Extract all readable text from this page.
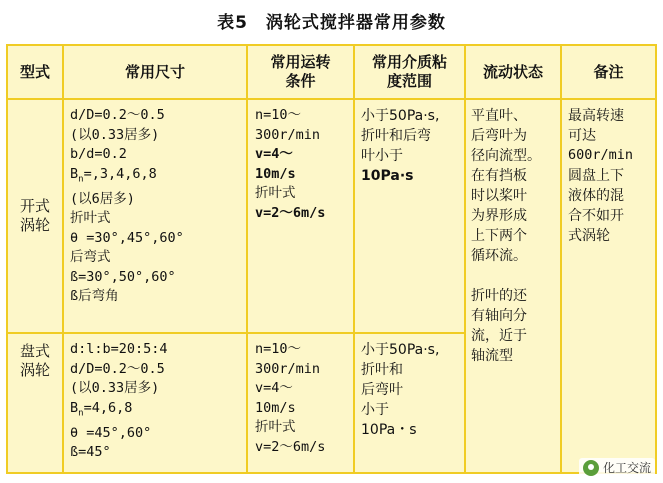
表5　涡轮式搅拌器常用参数
型式	常用尺寸
常用运转
条件
常用介质粘
度范围
流动状态	备注
开式
涡轮
d/D=0.2～0.5
(以0.33居多)
b/d=0.2
$B_n=,3,4,6,8$
(以6居多)
折叶式
θ =30°,45°,60°
后弯式
ß=30°,50°,60°
ß后弯角
n=10～
300r/min
v=4～
10m/s
折叶式
v=2～6m/s
小于50Pa·s,
折叶和后弯
叶小于
10Pa·s
盘式
涡轮
d:l:b=20:5:4
d/D=0.2～0.5
(以0.33居多)
$B_n=4,6,8$
θ =45°,60°
ß=45°
n=10～
300r/min
v=4～
10m/s
折叶式
v=2～6m/s
小于50Pa·s,
折叶和
后弯叶
小于
10Pa・s
平直叶、
后弯叶为
径向流型。
在有挡板
时以桨叶
为界形成
上下两个
循环流。
折叶的还
有轴向分
流，近于
轴流型
最高转速
可达
600r/min
圆盘上下
液体的混
合不如开
式涡轮
化工交流
